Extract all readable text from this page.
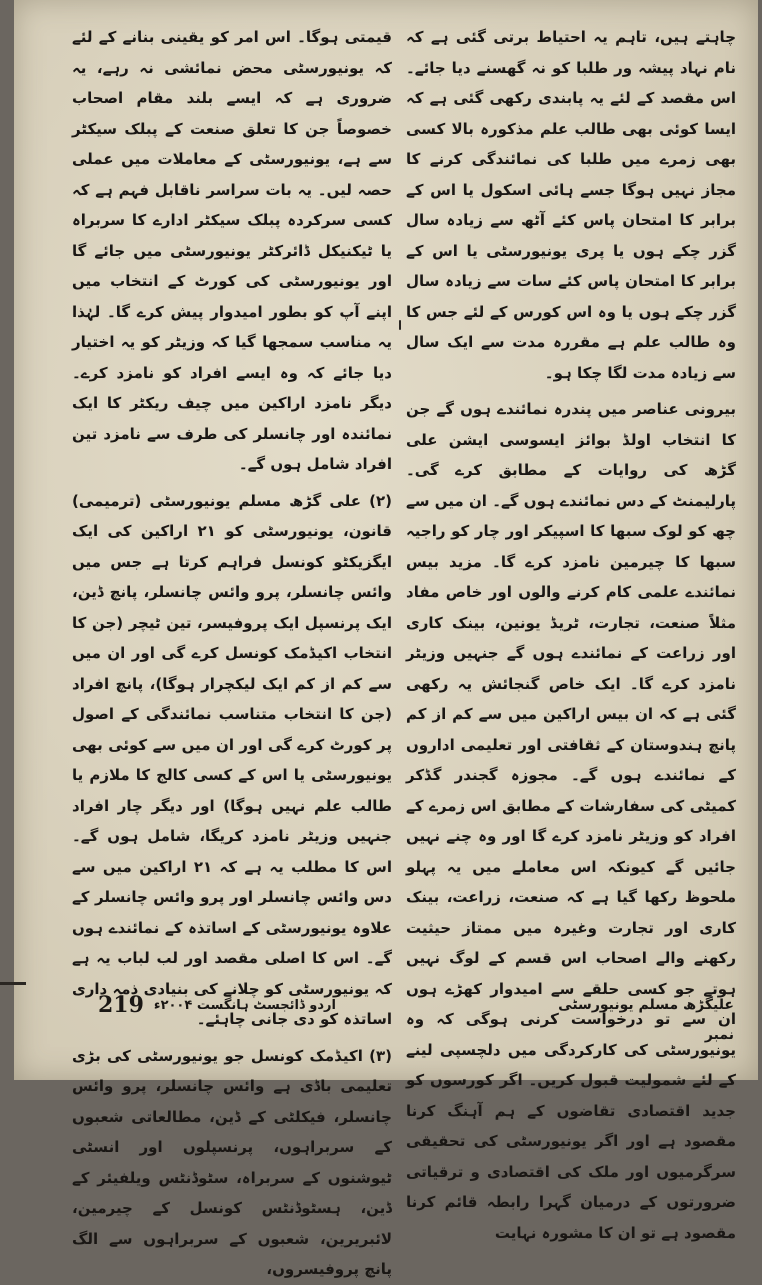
چاہتے ہیں، تاہم یہ احتیاط برتی گئی ہے کہ نام نہاد پیشہ ور طلبا کو نہ گھسنے دیا جائے۔ اس مقصد کے لئے یہ پابندی رکھی گئی ہے کہ ایسا کوئی بھی طالب علم مذکورہ بالا کسی بھی زمرے میں طلبا کی نمائندگی کرنے کا مجاز نہیں ہوگا جسے ہائی اسکول یا اس کے برابر کا امتحان پاس کئے آٹھ سے زیادہ سال گزر چکے ہوں یا پری یونیورسٹی یا اس کے برابر کا امتحان پاس کئے سات سے زیادہ سال گزر چکے ہوں یا وہ اس کورس کے لئے جس کا وہ طالب علم ہے مقررہ مدت سے ایک سال سے زیادہ مدت لگا چکا ہو۔

بیرونی عناصر میں پندرہ نمائندے ہوں گے جن کا انتخاب اولڈ بوائز ایسوسی ایشن علی گڑھ کی روایات کے مطابق کرے گی۔ پارلیمنٹ کے دس نمائندے ہوں گے۔ ان میں سے چھ کو لوک سبھا کا اسپیکر اور چار کو راجیہ سبھا کا چیرمین نامزد کرے گا۔ مزید بیس نمائندے علمی کام کرنے والوں اور خاص مفاد مثلاً صنعت، تجارت، ٹریڈ یونین، بینک کاری اور زراعت کے نمائندے ہوں گے جنہیں وزیٹر نامزد کرے گا۔ ایک خاص گنجائش یہ رکھی گئی ہے کہ ان بیس اراکین میں سے کم از کم پانچ ہندوستان کے ثقافتی اور تعلیمی اداروں کے نمائندے ہوں گے۔ مجوزہ گجندر گڈکر کمیٹی کی سفارشات کے مطابق اس زمرے کے افراد کو وزیٹر نامزد کرے گا اور وہ چنے نہیں جائیں گے کیونکہ اس معاملے میں یہ پہلو ملحوظ رکھا گیا ہے کہ صنعت، زراعت، بینک کاری اور تجارت وغیرہ میں ممتاز حیثیت رکھنے والے اصحاب اس قسم کے لوگ نہیں ہوتے جو کسی حلقے سے امیدوار کھڑے ہوں ان سے تو درخواست کرنی ہوگی کہ وہ یونیورسٹی کی کارکردگی میں دلچسپی لینے کے لئے شمولیت قبول کریں۔ اگر کورسوں کو جدید اقتصادی تقاضوں کے ہم آہنگ کرنا مقصود ہے اور اگر یونیورسٹی کی تحقیقی سرگرمیوں اور ملک کی اقتصادی و ترقیاتی ضرورتوں کے درمیان گہرا رابطہ قائم کرنا مقصود ہے تو ان کا مشورہ نہایت

قیمتی ہوگا۔ اس امر کو یقینی بنانے کے لئے کہ یونیورسٹی محض نمائشی نہ رہے، یہ ضروری ہے کہ ایسے بلند مقام اصحاب خصوصاً جن کا تعلق صنعت کے پبلک سیکٹر سے ہے، یونیورسٹی کے معاملات میں عملی حصہ لیں۔ یہ بات سراسر ناقابل فہم ہے کہ کسی سرکردہ پبلک سیکٹر ادارے کا سربراہ یا ٹیکنیکل ڈائرکٹر یونیورسٹی میں جائے گا اور یونیورسٹی کی کورٹ کے انتخاب میں اپنے آپ کو بطور امیدوار پیش کرے گا۔ لہٰذا یہ مناسب سمجھا گیا کہ وزیٹر کو یہ اختیار دیا جائے کہ وہ ایسے افراد کو نامزد کرے۔ دیگر نامزد اراکین میں چیف ریکٹر کا ایک نمائندہ اور چانسلر کی طرف سے نامزد تین افراد شامل ہوں گے۔

(۲) علی گڑھ مسلم یونیورسٹی (ترمیمی) قانون، یونیورسٹی کو ۲۱ اراکین کی ایک ایگزیکٹو کونسل فراہم کرتا ہے جس میں وائس چانسلر، پرو وائس چانسلر، پانچ ڈین، ایک پرنسپل ایک پروفیسر، تین ٹیچر (جن کا انتخاب اکیڈمک کونسل کرے گی اور ان میں سے کم از کم ایک لیکچرار ہوگا)، پانچ افراد (جن کا انتخاب متناسب نمائندگی کے اصول پر کورٹ کرے گی اور ان میں سے کوئی بھی یونیورسٹی یا اس کے کسی کالج کا ملازم یا طالب علم نہیں ہوگا) اور دیگر چار افراد جنہیں وزیٹر نامزد کریگا، شامل ہوں گے۔ اس کا مطلب یہ ہے کہ ۲۱ اراکین میں سے دس وائس چانسلر اور پرو وائس چانسلر کے علاوہ یونیورسٹی کے اساتذہ کے نمائندے ہوں گے۔ اس کا اصلی مقصد اور لب لباب یہ ہے کہ یونیورسٹی کو چلانے کی بنیادی ذمہ داری اساتذہ کو دی جانی چاہئے۔

(۳) اکیڈمک کونسل جو یونیورسٹی کی بڑی تعلیمی باڈی ہے وائس چانسلر، پرو وائس چانسلر، فیکلٹی کے ڈین، مطالعاتی شعبوں کے سربراہوں، پرنسپلوں اور انسٹی ٹیوشنوں کے سربراہ، سٹوڈنٹس ویلفیئر کے ڈین، ہسٹوڈنٹس کونسل کے چیرمین، لائبریرین، شعبوں کے سربراہوں سے الگ پانچ پروفیسروں،

اردو ڈائجسٹ ہانگست ۲۰۰۴ء
219	علیگڑھ مسلم یونیورسٹی نمبر
